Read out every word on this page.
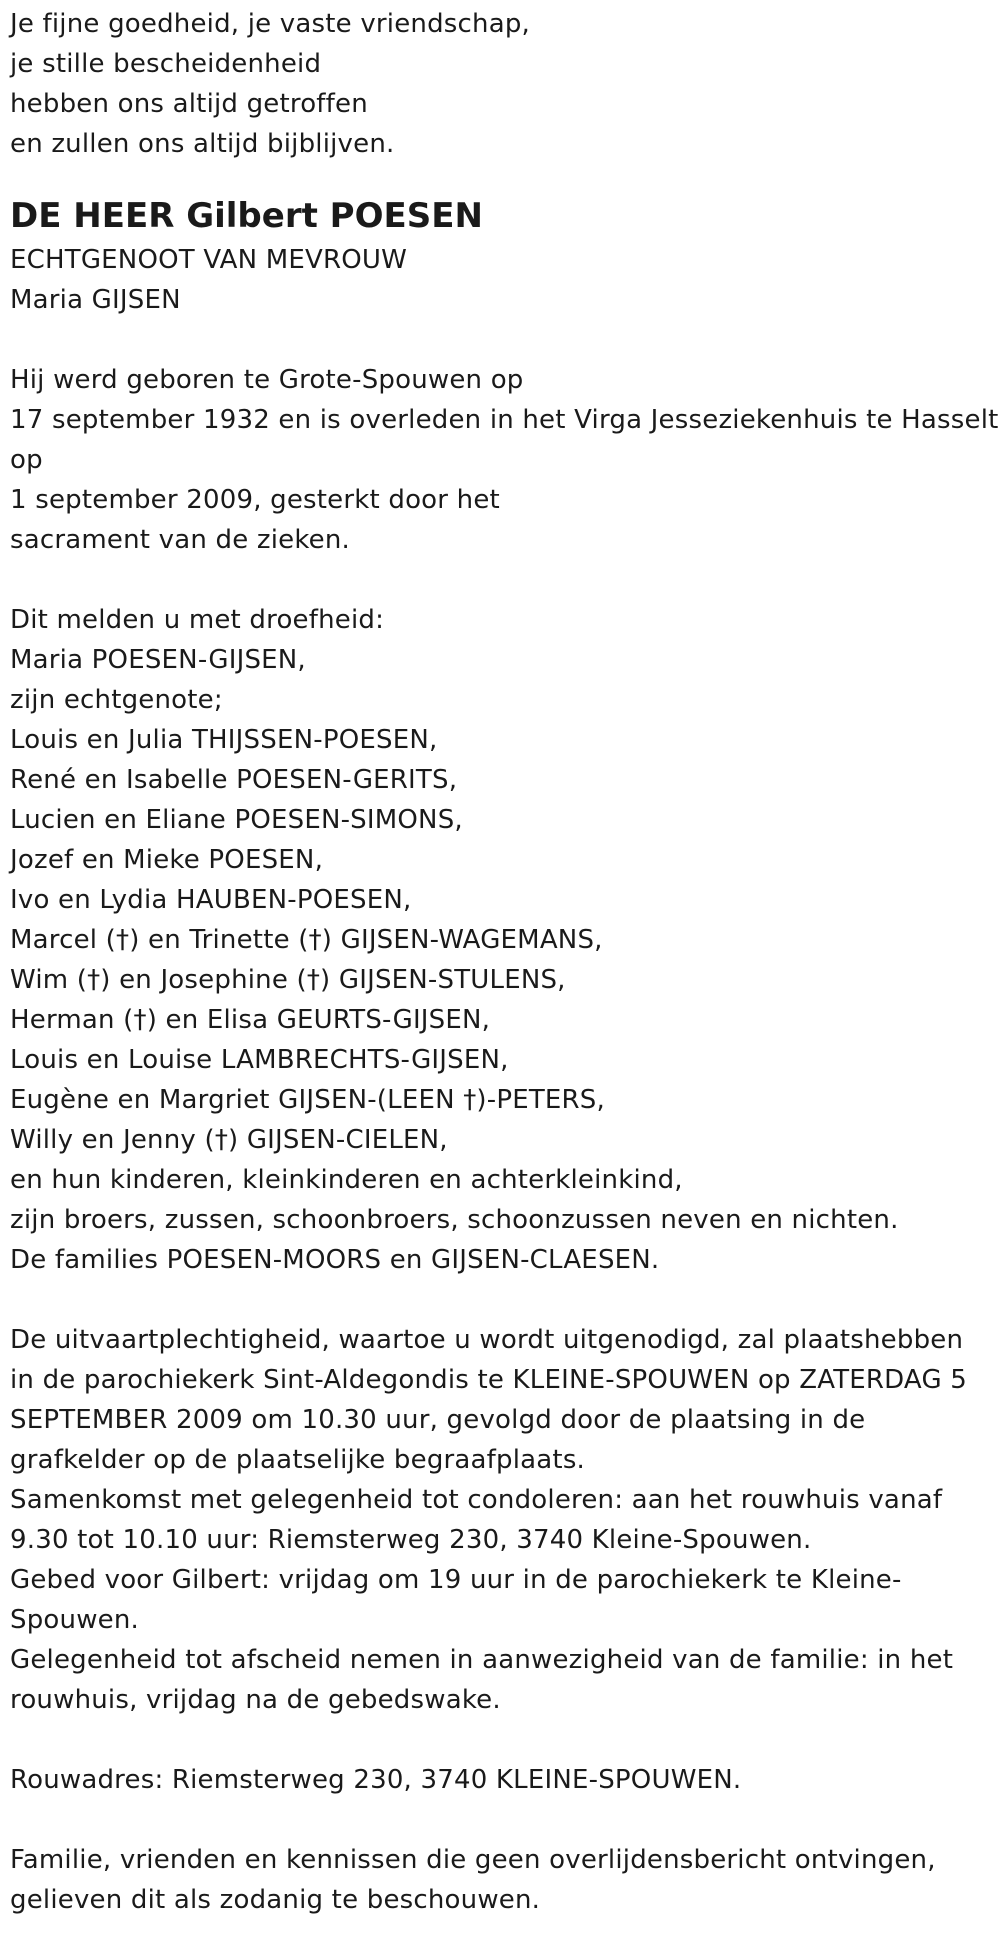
Je fijne goedheid, je vaste vriendschap,
je stille bescheidenheid
hebben ons altijd getroffen
en zullen ons altijd bijblijven.
DE HEER Gilbert POESEN
ECHTGENOOT VAN MEVROUW
Maria GIJSEN
Hij werd geboren te Grote-Spouwen op
17 september 1932 en is overleden in het Virga Jesseziekenhuis te Hasselt
op
1 september 2009, gesterkt door het
sacrament van de zieken.
Dit melden u met droefheid:
Maria POESEN-GIJSEN,
zijn echtgenote;
Louis en Julia THIJSSEN-POESEN,
René en Isabelle POESEN-GERITS,
Lucien en Eliane POESEN-SIMONS,
Jozef en Mieke POESEN,
Ivo en Lydia HAUBEN-POESEN,
Marcel (†) en Trinette (†) GIJSEN-WAGEMANS,
Wim (†) en Josephine (†) GIJSEN-STULENS,
Herman (†) en Elisa GEURTS-GIJSEN,
Louis en Louise LAMBRECHTS-GIJSEN,
Eugène en Margriet GIJSEN-(LEEN †)-PETERS,
Willy en Jenny (†) GIJSEN-CIELEN,
en hun kinderen, kleinkinderen en achterkleinkind,
zijn broers, zussen, schoonbroers, schoonzussen neven en nichten.
De families POESEN-MOORS en GIJSEN-CLAESEN.
De uitvaartplechtigheid, waartoe u wordt uitgenodigd, zal plaatshebben
in de parochiekerk Sint-Aldegondis te KLEINE-SPOUWEN op ZATERDAG 5
SEPTEMBER 2009 om 10.30 uur, gevolgd door de plaatsing in de
grafkelder op de plaatselijke begraafplaats.
Samenkomst met gelegenheid tot condoleren: aan het rouwhuis vanaf
9.30 tot 10.10 uur: Riemsterweg 230, 3740 Kleine-Spouwen.
Gebed voor Gilbert: vrijdag om 19 uur in de parochiekerk te Kleine-
Spouwen.
Gelegenheid tot afscheid nemen in aanwezigheid van de familie: in het
rouwhuis, vrijdag na de gebedswake.
Rouwadres: Riemsterweg 230, 3740 KLEINE-SPOUWEN.
Familie, vrienden en kennissen die geen overlijdensbericht ontvingen,
gelieven dit als zodanig te beschouwen.
